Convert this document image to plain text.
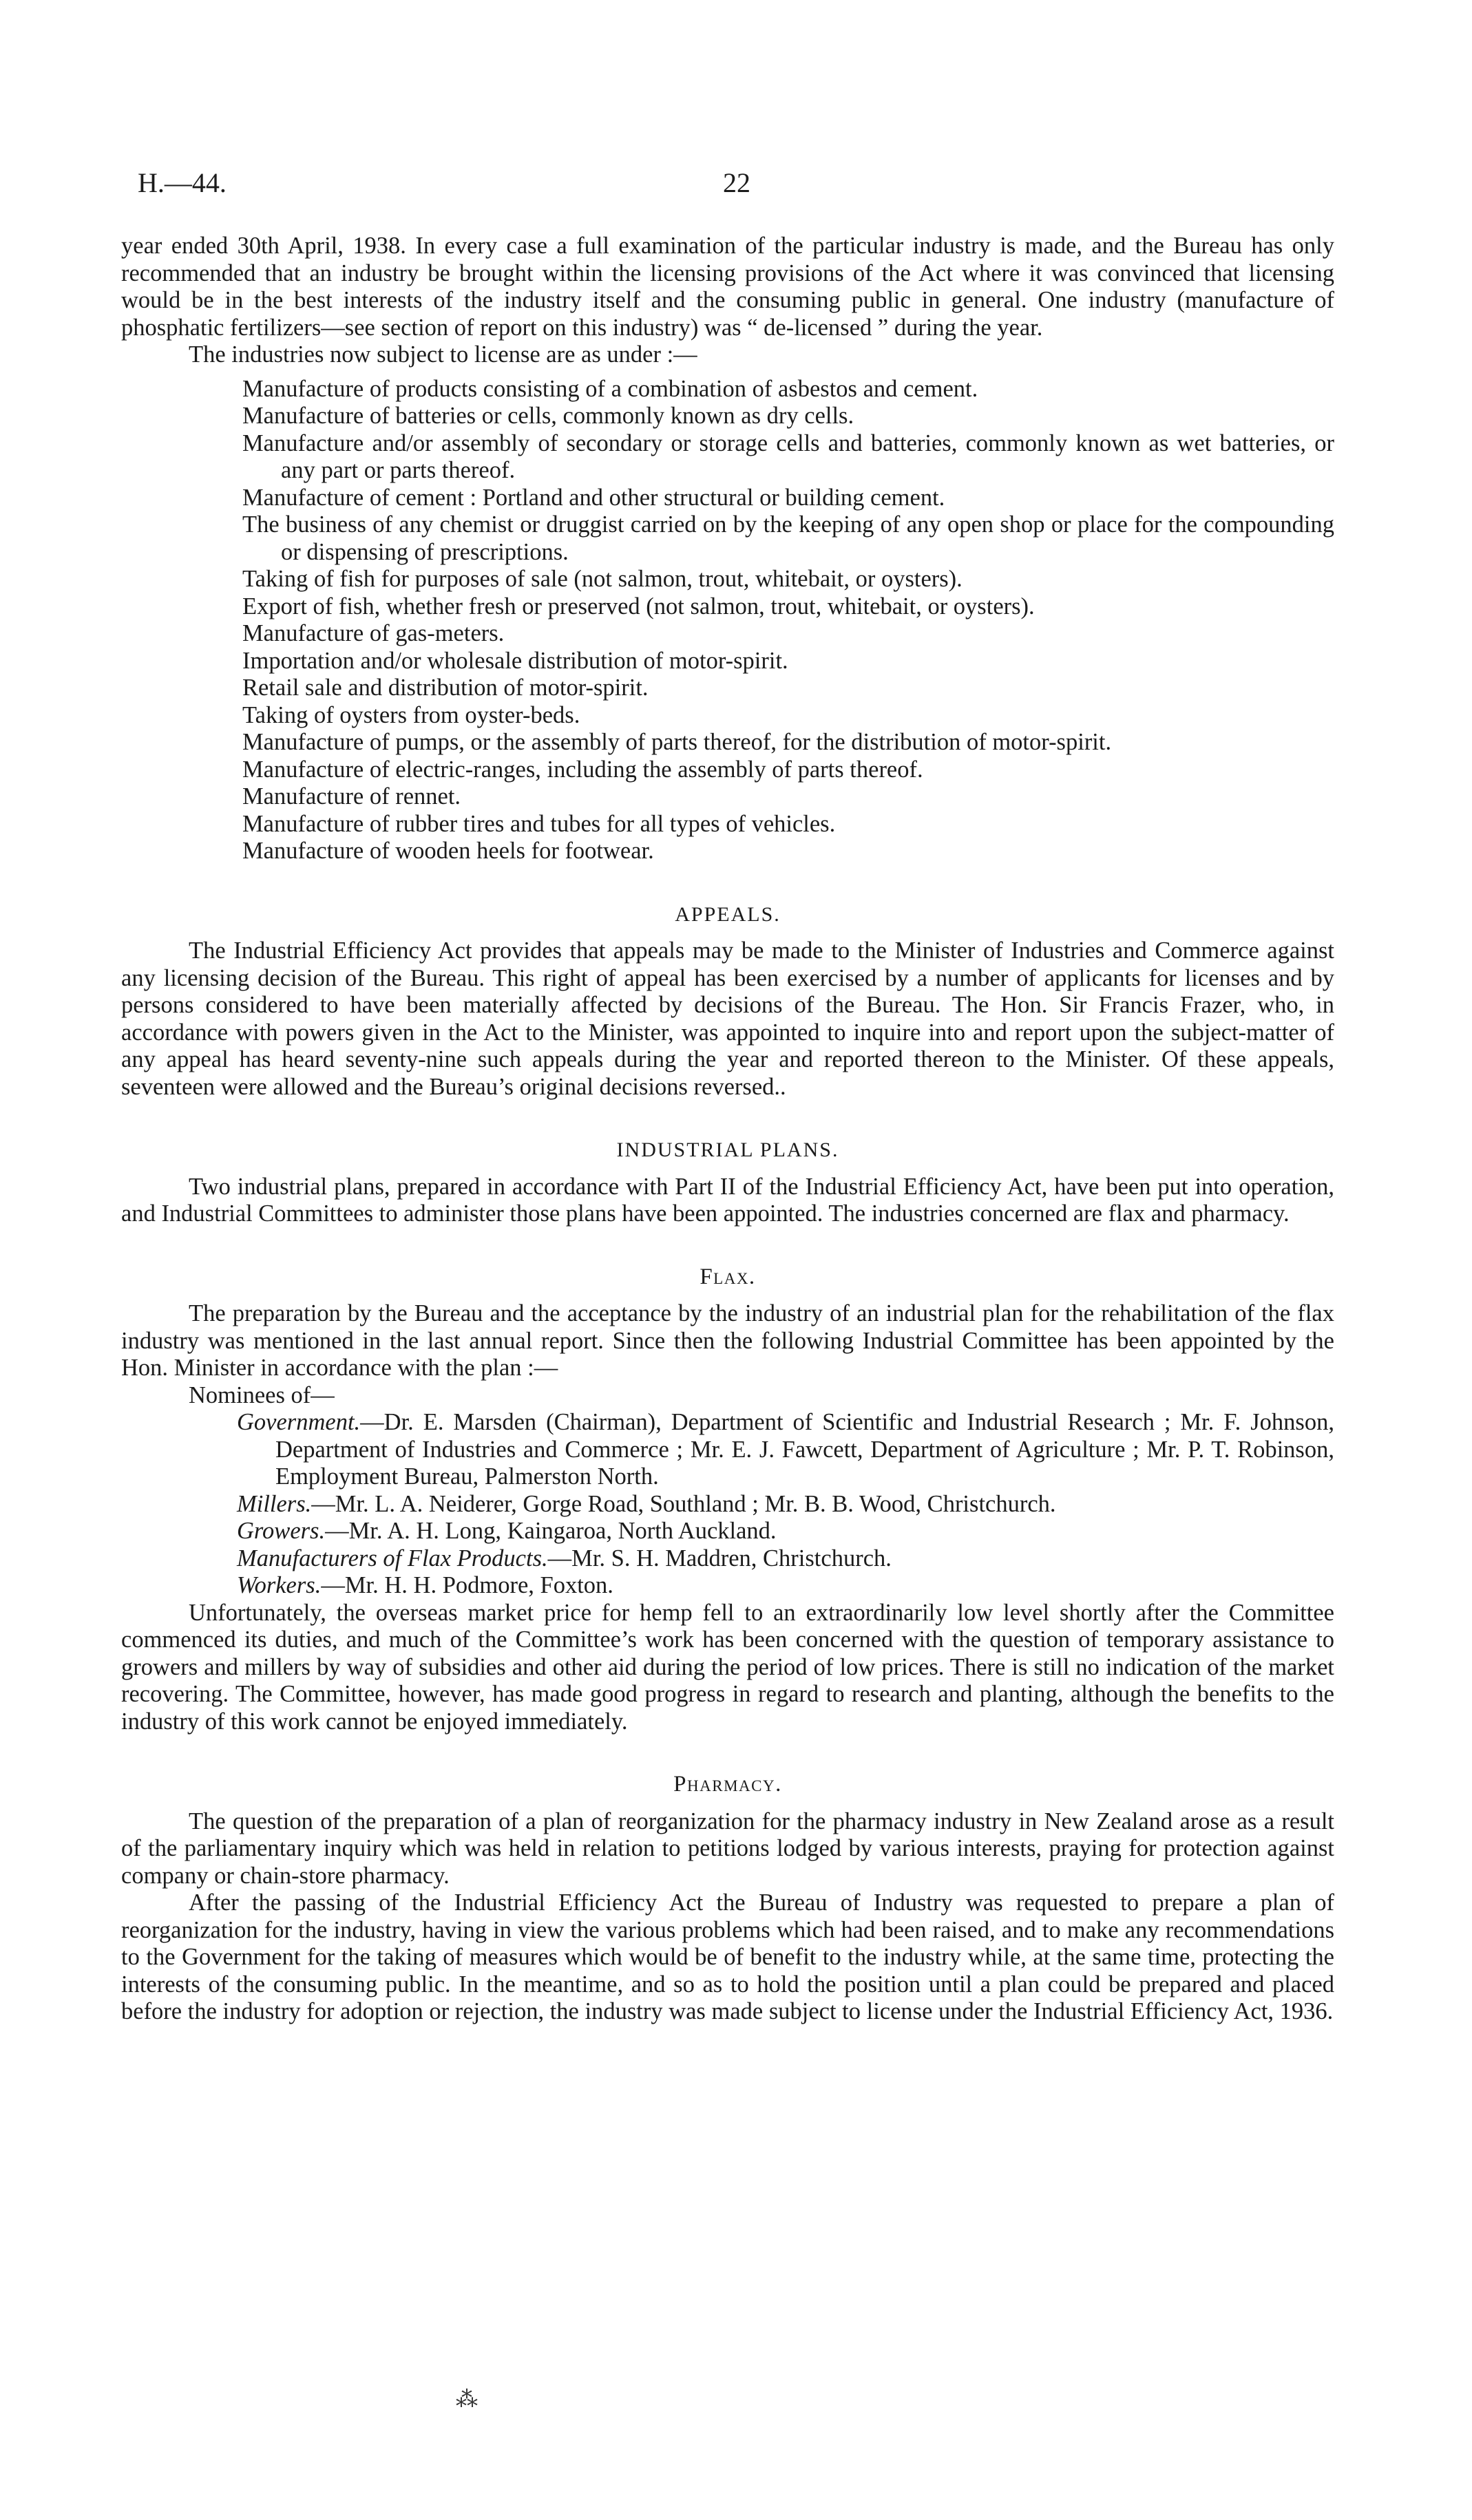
H.—44.	22

year ended 30th April, 1938. In every case a full examination of the particular industry is made, and the Bureau has only recommended that an industry be brought within the licensing provisions of the Act where it was convinced that licensing would be in the best interests of the industry itself and the consuming public in general. One industry (manufacture of phosphatic fertilizers—see section of report on this industry) was “ de-licensed ” during the year.

The industries now subject to license are as under :—

Manufacture of products consisting of a combination of asbestos and cement.
Manufacture of batteries or cells, commonly known as dry cells.
Manufacture and/or assembly of secondary or storage cells and batteries, commonly known as wet batteries, or any part or parts thereof.
Manufacture of cement : Portland and other structural or building cement.
The business of any chemist or druggist carried on by the keeping of any open shop or place for the compounding or dispensing of prescriptions.
Taking of fish for purposes of sale (not salmon, trout, whitebait, or oysters).
Export of fish, whether fresh or preserved (not salmon, trout, whitebait, or oysters).
Manufacture of gas-meters.
Importation and/or wholesale distribution of motor-spirit.
Retail sale and distribution of motor-spirit.
Taking of oysters from oyster-beds.
Manufacture of pumps, or the assembly of parts thereof, for the distribution of motor-spirit.
Manufacture of electric-ranges, including the assembly of parts thereof.
Manufacture of rennet.
Manufacture of rubber tires and tubes for all types of vehicles.
Manufacture of wooden heels for footwear.
APPEALS.

The Industrial Efficiency Act provides that appeals may be made to the Minister of Industries and Commerce against any licensing decision of the Bureau. This right of appeal has been exercised by a number of applicants for licenses and by persons considered to have been materially affected by decisions of the Bureau. The Hon. Sir Francis Frazer, who, in accordance with powers given in the Act to the Minister, was appointed to inquire into and report upon the subject-matter of any appeal has heard seventy-nine such appeals during the year and reported thereon to the Minister. Of these appeals, seventeen were allowed and the Bureau’s original decisions reversed..

INDUSTRIAL PLANS.

Two industrial plans, prepared in accordance with Part II of the Industrial Efficiency Act, have been put into operation, and Industrial Committees to administer those plans have been appointed. The industries concerned are flax and pharmacy.

Flax.

The preparation by the Bureau and the acceptance by the industry of an industrial plan for the rehabilitation of the flax industry was mentioned in the last annual report. Since then the following Industrial Committee has been appointed by the Hon. Minister in accordance with the plan :—

Nominees of—
Government.—Dr. E. Marsden (Chairman), Department of Scientific and Industrial Research ; Mr. F. Johnson, Department of Industries and Commerce ; Mr. E. J. Fawcett, Department of Agriculture ; Mr. P. T. Robinson, Employment Bureau, Palmerston North.
Millers.—Mr. L. A. Neiderer, Gorge Road, Southland ; Mr. B. B. Wood, Christchurch.
Growers.—Mr. A. H. Long, Kaingaroa, North Auckland.
Manufacturers of Flax Products.—Mr. S. H. Maddren, Christchurch.
Workers.—Mr. H. H. Podmore, Foxton.

Unfortunately, the overseas market price for hemp fell to an extraordinarily low level shortly after the Committee commenced its duties, and much of the Committee’s work has been concerned with the question of temporary assistance to growers and millers by way of subsidies and other aid during the period of low prices. There is still no indication of the market recovering. The Committee, however, has made good progress in regard to research and planting, although the benefits to the industry of this work cannot be enjoyed immediately.

Pharmacy.

The question of the preparation of a plan of reorganization for the pharmacy industry in New Zealand arose as a result of the parliamentary inquiry which was held in relation to petitions lodged by various interests, praying for protection against company or chain-store pharmacy.

After the passing of the Industrial Efficiency Act the Bureau of Industry was requested to prepare a plan of reorganization for the industry, having in view the various problems which had been raised, and to make any recommendations to the Government for the taking of measures which would be of benefit to the industry while, at the same time, protecting the interests of the consuming public. In the meantime, and so as to hold the position until a plan could be prepared and placed before the industry for adoption or rejection, the industry was made subject to license under the Industrial Efficiency Act, 1936.

⁂
